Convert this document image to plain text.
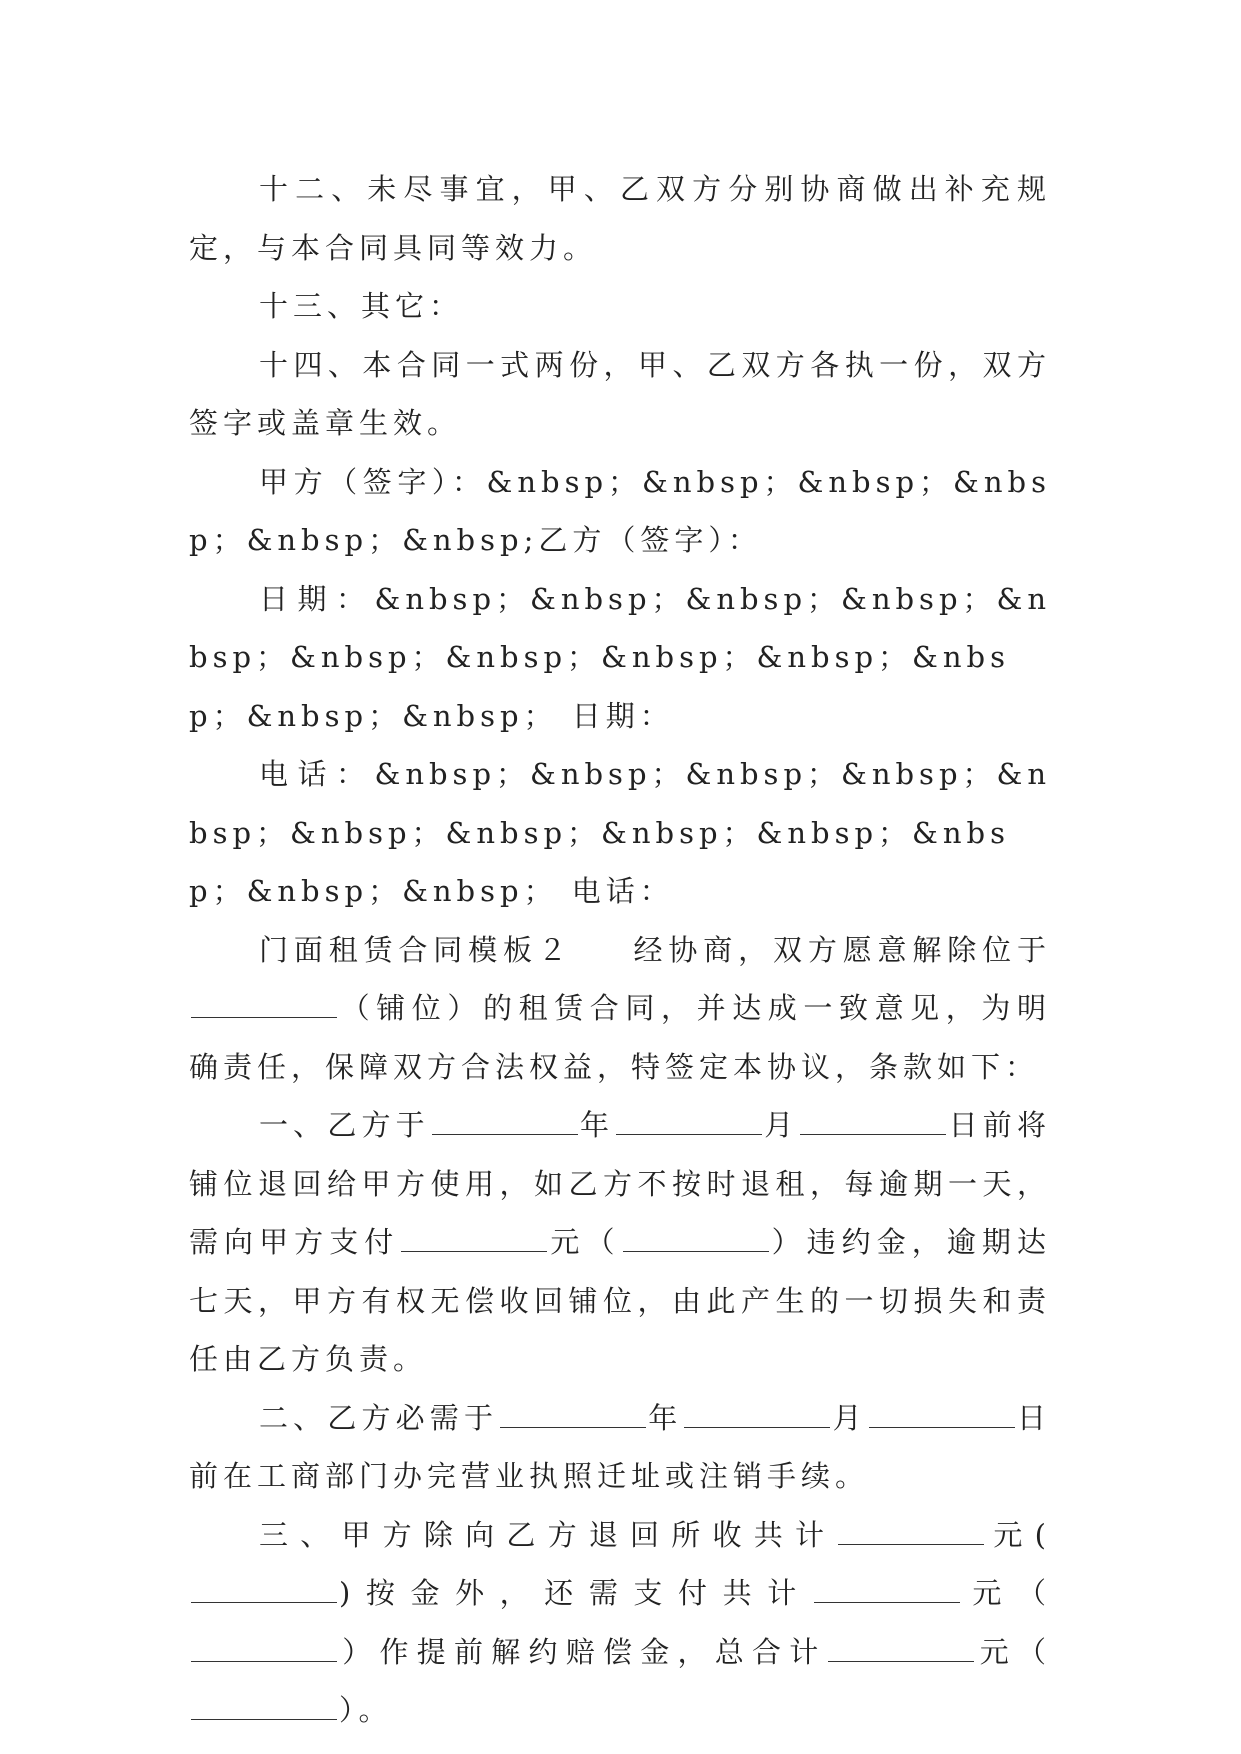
十二、未尽事宜，甲、乙双方分别协商做出补充规定，与本合同具同等效力。

十三、其它：

十四、本合同一式两份，甲、乙双方各执一份，双方签字或盖章生效。

甲方（签字）：&nbsp；&nbsp；&nbsp；&nbsp；&nbsp；&nbsp;乙方（签字）：

日期：&nbsp；&nbsp；&nbsp；&nbsp；&nbsp；&nbsp；&nbsp；&nbsp；&nbsp；&nbsp；&nbsp；&nbsp； 日期：

电话：&nbsp；&nbsp；&nbsp；&nbsp；&nbsp；&nbsp；&nbsp；&nbsp；&nbsp；&nbsp；&nbsp；&nbsp； 电话：

门面租赁合同模板２ 经协商，双方愿意解除位于（铺位）的租赁合同，并达成一致意见，为明确责任，保障双方合法权益，特签定本协议，条款如下：

一、乙方于	年	月	日前将铺位退回给甲方使用，如乙方不按时退租，每逾期一天，需向甲方支付	元（	）违约金，逾期达七天，甲方有权无偿收回铺位，由此产生的一切损失和责任由乙方负责。

二、乙方必需于	年	月	日前在工商部门办完营业执照迁址或注销手续。

三、甲方除向乙方退回所收共计	元()按金外，还需支付共计	元（）作提前解约赔偿金，总合计	元（）。
